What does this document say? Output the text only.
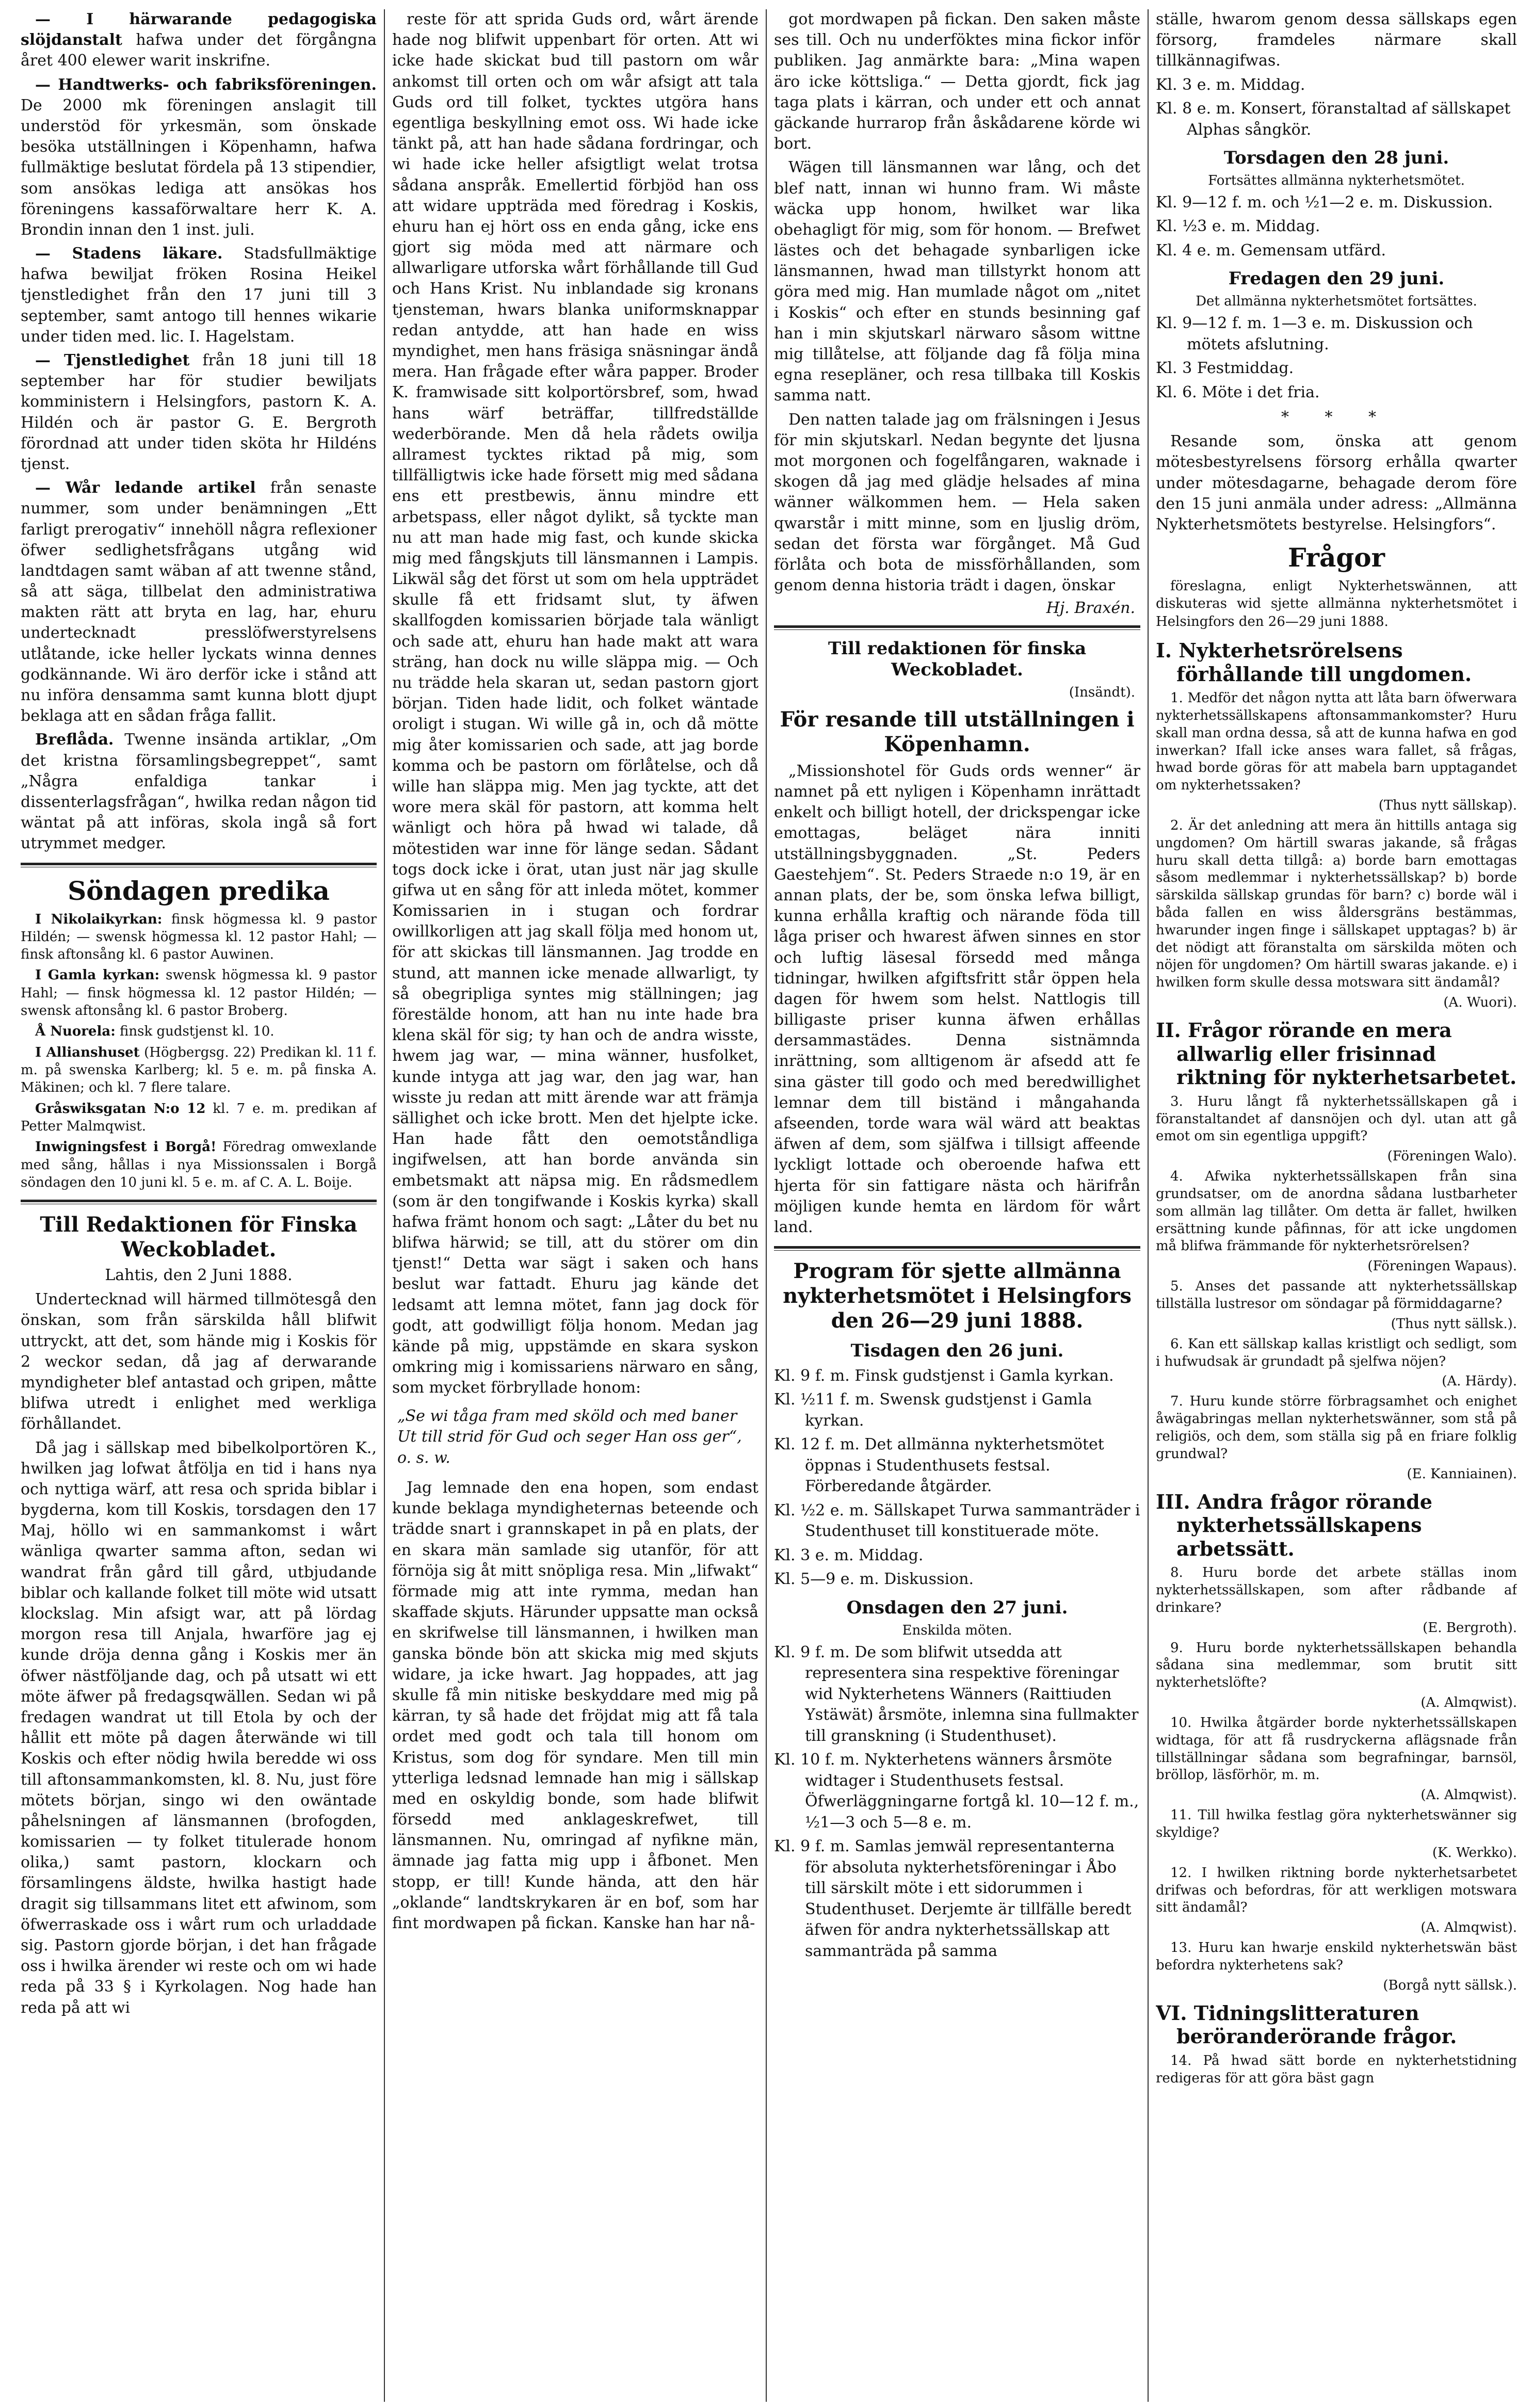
— I härwarande pedagogiska slöjdanstalt hafwa under det förgångna året 400 elewer warit inskrifne.

— Handtwerks- och fabriksföreningen. De 2000 mk föreningen anslagit till understöd för yrkesmän, som önskade besöka utställningen i Köpenhamn, hafwa fullmäktige beslutat fördela på 13 stipendier, som ansökas lediga att ansökas hos föreningens kassaförwaltare herr K. A. Brondin innan den 1 inst. juli.

— Stadens läkare. Stadsfullmäktige hafwa bewiljat fröken Rosina Heikel tjenstledighet från den 17 juni till 3 september, samt antogo till hennes wikarie under tiden med. lic. I. Hagelstam.

— Tjenstledighet från 18 juni till 18 september har för studier bewiljats komministern i Helsingfors, pastorn K. A. Hildén och är pastor G. E. Bergroth förordnad att under tiden sköta hr Hildéns tjenst.

— Wår ledande artikel från senaste nummer, som under benämningen „Ett farligt prerogativ“ innehöll några reflexioner öfwer sedlighetsfrågans utgång wid landtdagen samt wäban af att twenne stånd, så att säga, tillbelat den administratiwa makten rätt att bryta en lag, har, ehuru undertecknadt presslöfwerstyrelsens utlåtande, icke heller lyckats winna dennes godkännande. Wi äro derför icke i stånd att nu införa densamma samt kunna blott djupt beklaga att en sådan fråga fallit.

Breflåda. Twenne insända artiklar, „Om det kristna församlingsbegreppet“, samt „Några enfaldiga tankar i dissenterlagsfrågan“, hwilka redan någon tid wäntat på att införas, skola ingå så fort utrymmet medger.

Söndagen predika

I Nikolaikyrkan: finsk högmessa kl. 9 pastor Hildén; — swensk högmessa kl. 12 pastor Hahl; — finsk aftonsång kl. 6 pastor Auwinen.

I Gamla kyrkan: swensk högmessa kl. 9 pastor Hahl; — finsk högmessa kl. 12 pastor Hildén; — swensk aftonsång kl. 6 pastor Broberg.

Å Nuorela: finsk gudstjenst kl. 10.

I Allianshuset (Högbergsg. 22) Predikan kl. 11 f. m. på swenska Karlberg; kl. 5 e. m. på finska A. Mäkinen; och kl. 7 flere talare.

Gråswiksgatan N:o 12 kl. 7 e. m. predikan af Petter Malmqwist.

Inwigningsfest i Borgå! Föredrag omwexlande med sång, hållas i nya Missionssalen i Borgå söndagen den 10 juni kl. 5 e. m. af C. A. L. Boije.

Till Redaktionen för Finska Weckobladet.
Lahtis, den 2 Juni 1888.

Undertecknad will härmed tillmötesgå den önskan, som från särskilda håll blifwit uttryckt, att det, som hände mig i Koskis för 2 weckor sedan, då jag af derwarande myndigheter blef antastad och gripen, måtte blifwa utredt i enlighet med werkliga förhållandet.

Då jag i sällskap med bibelkolportören K., hwilken jag lofwat åtfölja en tid i hans nya och nyttiga wärf, att resa och sprida biblar i bygderna, kom till Koskis, torsdagen den 17 Maj, höllo wi en sammankomst i wårt wänliga qwarter samma afton, sedan wi wandrat från gård till gård, utbjudande biblar och kallande folket till möte wid utsatt klockslag. Min afsigt war, att på lördag morgon resa till Anjala, hwarföre jag ej kunde dröja denna gång i Koskis mer än öfwer nästföljande dag, och på utsatt wi ett möte äfwer på fredagsqwällen. Sedan wi på fredagen wandrat ut till Etola by och der hållit ett möte på dagen återwände wi till Koskis och efter nödig hwila beredde wi oss till aftonsammankomsten, kl. 8. Nu, just före mötets början, singo wi den owäntade påhelsningen af länsmannen (brofogden, komissarien — ty folket titulerade honom olika,) samt pastorn, klockarn och församlingens äldste, hwilka hastigt hade dragit sig tillsammans litet ett afwinom, som öfwerraskade oss i wårt rum och urladdade sig. Pastorn gjorde början, i det han frågade oss i hwilka ärender wi reste och om wi hade reda på 33 § i Kyrkolagen. Nog hade han reda på att wi

reste för att sprida Guds ord, wårt ärende hade nog blifwit uppenbart för orten. Att wi icke hade skickat bud till pastorn om wår ankomst till orten och om wår afsigt att tala Guds ord till folket, tycktes utgöra hans egentliga beskyllning emot oss. Wi hade icke tänkt på, att han hade sådana fordringar, och wi hade icke heller afsigtligt welat trotsa sådana anspråk. Emellertid förbjöd han oss att widare uppträda med föredrag i Koskis, ehuru han ej hört oss en enda gång, icke ens gjort sig möda med att närmare och allwarligare utforska wårt förhållande till Gud och Hans Krist. Nu inblandade sig kronans tjensteman, hwars blanka uniformsknappar redan antydde, att han hade en wiss myndighet, men hans fräsiga snäsningar ändå mera. Han frågade efter wåra papper. Broder K. framwisade sitt kolportörsbref, som, hwad hans wärf beträffar, tillfredställde wederbörande. Men då hela rådets owilja allramest tycktes riktad på mig, som tillfälligtwis icke hade försett mig med sådana ens ett prestbewis, ännu mindre ett arbetspass, eller något dylikt, så tyckte man nu att man hade mig fast, och kunde skicka mig med fångskjuts till länsmannen i Lampis. Likwäl såg det först ut som om hela uppträdet skulle få ett fridsamt slut, ty äfwen skallfogden komissarien började tala wänligt och sade att, ehuru han hade makt att wara sträng, han dock nu wille släppa mig. — Och nu trädde hela skaran ut, sedan pastorn gjort början. Tiden hade lidit, och folket wäntade oroligt i stugan. Wi wille gå in, och då mötte mig åter komissarien och sade, att jag borde komma och be pastorn om förlåtelse, och då wille han släppa mig. Men jag tyckte, att det wore mera skäl för pastorn, att komma helt wänligt och höra på hwad wi talade, då mötestiden war inne för länge sedan. Sådant togs dock icke i örat, utan just när jag skulle gifwa ut en sång för att inleda mötet, kommer Komissarien in i stugan och fordrar owillkorligen att jag skall följa med honom ut, för att skickas till länsmannen. Jag trodde en stund, att mannen icke menade allwarligt, ty så obegripliga syntes mig ställningen; jag förestälde honom, att han nu inte hade bra klena skäl för sig; ty han och de andra wisste, hwem jag war, — mina wänner, husfolket, kunde intyga att jag war, den jag war, han wisste ju redan att mitt ärende war att främja sällighet och icke brott. Men det hjelpte icke. Han hade fått den oemotståndliga ingifwelsen, att han borde använda sin embetsmakt att näpsa mig. En rådsmedlem (som är den tongifwande i Koskis kyrka) skall hafwa främt honom och sagt: „Låter du bet nu blifwa härwid; se till, att du störer om din tjenst!“ Detta war sägt i saken och hans beslut war fattadt. Ehuru jag kände det ledsamt att lemna mötet, fann jag dock för godt, att godwilligt följa honom. Medan jag kände på mig, uppstämde en skara syskon omkring mig i komissariens närwaro en sång, som mycket förbryllade honom:

„Se wi tåga fram med sköld och med baner
Ut till strid för Gud och seger Han oss ger“, o. s. w.

Jag lemnade den ena hopen, som endast kunde beklaga myndigheternas beteende och trädde snart i grannskapet in på en plats, der en skara män samlade sig utanför, för att förnöja sig åt mitt snöpliga resa. Min „lifwakt“ förmade mig att inte rymma, medan han skaffade skjuts. Härunder uppsatte man också en skrifwelse till länsmannen, i hwilken man ganska bönde bön att skicka mig med skjuts widare, ja icke hwart. Jag hoppades, att jag skulle få min nitiske beskyddare med mig på kärran, ty så hade det fröjdat mig att få tala ordet med godt och tala till honom om Kristus, som dog för syndare. Men till min ytterliga ledsnad lemnade han mig i sällskap med en oskyldig bonde, som hade blifwit försedd med anklageskrefwet, till länsmannen. Nu, omringad af nyfikne män, ämnade jag fatta mig upp i åfbonet. Men stopp, er till! Kunde hända, att den här „oklande“ landtskrykaren är en bof, som har fint mordwapen på fickan. Kanske han har nå-

got mordwapen på fickan. Den saken måste ses till. Och nu underföktes mina fickor inför publiken. Jag anmärkte bara: „Mina wapen äro icke köttsliga.“ — Detta gjordt, fick jag taga plats i kärran, och under ett och annat gäckande hurrarop från åskådarene körde wi bort.

Wägen till länsmannen war lång, och det blef natt, innan wi hunno fram. Wi måste wäcka upp honom, hwilket war lika obehagligt för mig, som för honom. — Brefwet lästes och det behagade synbarligen icke länsmannen, hwad man tillstyrkt honom att göra med mig. Han mumlade något om „nitet i Koskis“ och efter en stunds besinning gaf han i min skjutskarl närwaro såsom wittne mig tillåtelse, att följande dag få följa mina egna resepläner, och resa tillbaka till Koskis samma natt.

Den natten talade jag om frälsningen i Jesus för min skjutskarl. Nedan begynte det ljusna mot morgonen och fogelfångaren, waknade i skogen då jag med glädje helsades af mina wänner wälkommen hem. — Hela saken qwarstår i mitt minne, som en ljuslig dröm, sedan det första war förgånget. Må Gud förlåta och bota de missförhållanden, som genom denna historia trädt i dagen, önskar

Hj. Braxén.
Till redaktionen för finska Weckobladet.
(Insändt).
För resande till utställningen i Köpenhamn.

„Missionshotel för Guds ords wenner“ är namnet på ett nyligen i Köpenhamn inrättadt enkelt och billigt hotell, der drickspengar icke emottagas, beläget nära inniti utställningsbyggnaden. „St. Peders Gaestehjem“. St. Peders Straede n:o 19, är en annan plats, der be, som önska lefwa billigt, kunna erhålla kraftig och närande föda till låga priser och hwarest äfwen sinnes en stor och luftig läsesal försedd med många tidningar, hwilken afgiftsfritt står öppen hela dagen för hwem som helst. Nattlogis till billigaste priser kunna äfwen erhållas dersammastädes. Denna sistnämnda inrättning, som alltigenom är afsedd att fe sina gäster till godo och med beredwillighet lemnar dem till biständ i mångahanda afseenden, torde wara wäl wärd att beaktas äfwen af dem, som själfwa i tillsigt affeende lyckligt lottade och oberoende hafwa ett hjerta för sin fattigare nästa och härifrån möjligen kunde hemta en lärdom för wårt land.

Program för sjette allmänna nykterhetsmötet i Helsingfors den 26—29 juni 1888.
Tisdagen den 26 juni.
Kl. 9 f. m. Finsk gudstjenst i Gamla kyrkan.
Kl. ½11 f. m. Swensk gudstjenst i Gamla kyrkan.
Kl. 12 f. m. Det allmänna nykterhetsmötet öppnas i Studenthusets festsal. Förberedande åtgärder.
Kl. ½2 e. m. Sällskapet Turwa sammanträder i Studenthuset till konstituerade möte.
Kl. 3 e. m. Middag.
Kl. 5—9 e. m. Diskussion.
Onsdagen den 27 juni.
Enskilda möten.
Kl. 9 f. m. De som blifwit utsedda att representera sina respektive föreningar wid Nykterhetens Wänners (Raittiuden Ystäwät) årsmöte, inlemna sina fullmakter till granskning (i Studenthuset).
Kl. 10 f. m. Nykterhetens wänners årsmöte widtager i Studenthusets festsal. Öfwerläggningarne fortgå kl. 10—12 f. m., ½1—3 och 5—8 e. m.
Kl. 9 f. m. Samlas jemwäl representanterna för absoluta nykterhetsföreningar i Åbo till särskilt möte i ett sidorummen i Studenthuset. Derjemte är tillfälle beredt äfwen för andra nykterhetssällskap att sammanträda på samma

ställe, hwarom genom dessa sällskaps egen försorg, framdeles närmare skall tillkännagifwas.

Kl. 3 e. m. Middag.
Kl. 8 e. m. Konsert, föranstaltad af sällskapet Alphas sångkör.
Torsdagen den 28 juni.
Fortsättes allmänna nykterhetsmötet.
Kl. 9—12 f. m. och ½1—2 e. m. Diskussion.
Kl. ½3 e. m. Middag.
Kl. 4 e. m. Gemensam utfärd.
Fredagen den 29 juni.
Det allmänna nykterhetsmötet fortsättes.
Kl. 9—12 f. m. 1—3 e. m. Diskussion och mötets afslutning.
Kl. 3 Festmiddag.
Kl. 6. Möte i det fria.
* * *

Resande som, önska att genom mötesbestyrelsens försorg erhålla qwarter under mötesdagarne, behagade derom före den 15 juni anmäla under adress: „Allmänna Nykterhetsmötets bestyrelse. Helsingfors“.

Frågor

föreslagna, enligt Nykterhetswännen, att diskuteras wid sjette allmänna nykterhetsmötet i Helsingfors den 26—29 juni 1888.

I. Nykterhetsrörelsens förhållande till ungdomen.

1. Medför det någon nytta att låta barn öfwerwara nykterhetssällskapens aftonsammankomster? Huru skall man ordna dessa, så att de kunna hafwa en god inwerkan? Ifall icke anses wara fallet, så frågas, hwad borde göras för att mabela barn upptagandet om nykterhetssaken?

(Thus nytt sällskap).

2. Är det anledning att mera än hittills antaga sig ungdomen? Om härtill swaras jakande, så frågas huru skall detta tillgå: a) borde barn emottagas såsom medlemmar i nykterhetssällskap? b) borde särskilda sällskap grundas för barn? c) borde wäl i båda fallen en wiss åldersgräns bestämmas, hwarunder ingen finge i sällskapet upptagas? b) är det nödigt att föranstalta om särskilda möten och nöjen för ungdomen? Om härtill swaras jakande. e) i hwilken form skulle dessa motswara sitt ändamål?

(A. Wuori).
II. Frågor rörande en mera allwarlig eller frisinnad riktning för nykterhetsarbetet.

3. Huru långt få nykterhetssällskapen gå i föranstaltandet af dansnöjen och dyl. utan att gå emot om sin egentliga uppgift?

(Föreningen Walo).

4. Afwika nykterhetssällskapen från sina grundsatser, om de anordna sådana lustbarheter som allmän lag tillåter. Om detta är fallet, hwilken ersättning kunde påfinnas, för att icke ungdomen må blifwa främmande för nykterhetsrörelsen?

(Föreningen Wapaus).

5. Anses det passande att nykterhetssällskap tillställa lustresor om söndagar på förmiddagarne?

(Thus nytt sällsk.).

6. Kan ett sällskap kallas kristligt och sedligt, som i hufwudsak är grundadt på sjelfwa nöjen?

(A. Härdy).

7. Huru kunde större förbragsamhet och enighet åwägabringas mellan nykterhetswänner, som stå på religiös, och dem, som ställa sig på en friare folklig grundwal?

(E. Kanniainen).
III. Andra frågor rörande nykterhetssällskapens arbetssätt.

8. Huru borde det arbete ställas inom nykterhetssällskapen, som after rådbande af drinkare?

(E. Bergroth).

9. Huru borde nykterhetssällskapen behandla sådana sina medlemmar, som brutit sitt nykterhetslöfte?

(A. Almqwist).

10. Hwilka åtgärder borde nykterhetssällskapen widtaga, för att få rusdryckerna aflägsnade från tillställningar sådana som begrafningar, barnsöl, bröllop, läsförhör, m. m.

(A. Almqwist).

11. Till hwilka festlag göra nykterhetswänner sig skyldige?

(K. Werkko).

12. I hwilken riktning borde nykterhetsarbetet drifwas och befordras, för att werkligen motswara sitt ändamål?

(A. Almqwist).

13. Huru kan hwarje enskild nykterhetswän bäst befordra nykterhetens sak?

(Borgå nytt sällsk.).
VI. Tidningslitteraturen beröranderörande frågor.

14. På hwad sätt borde en nykterhetstidning redigeras för att göra bäst gagn
